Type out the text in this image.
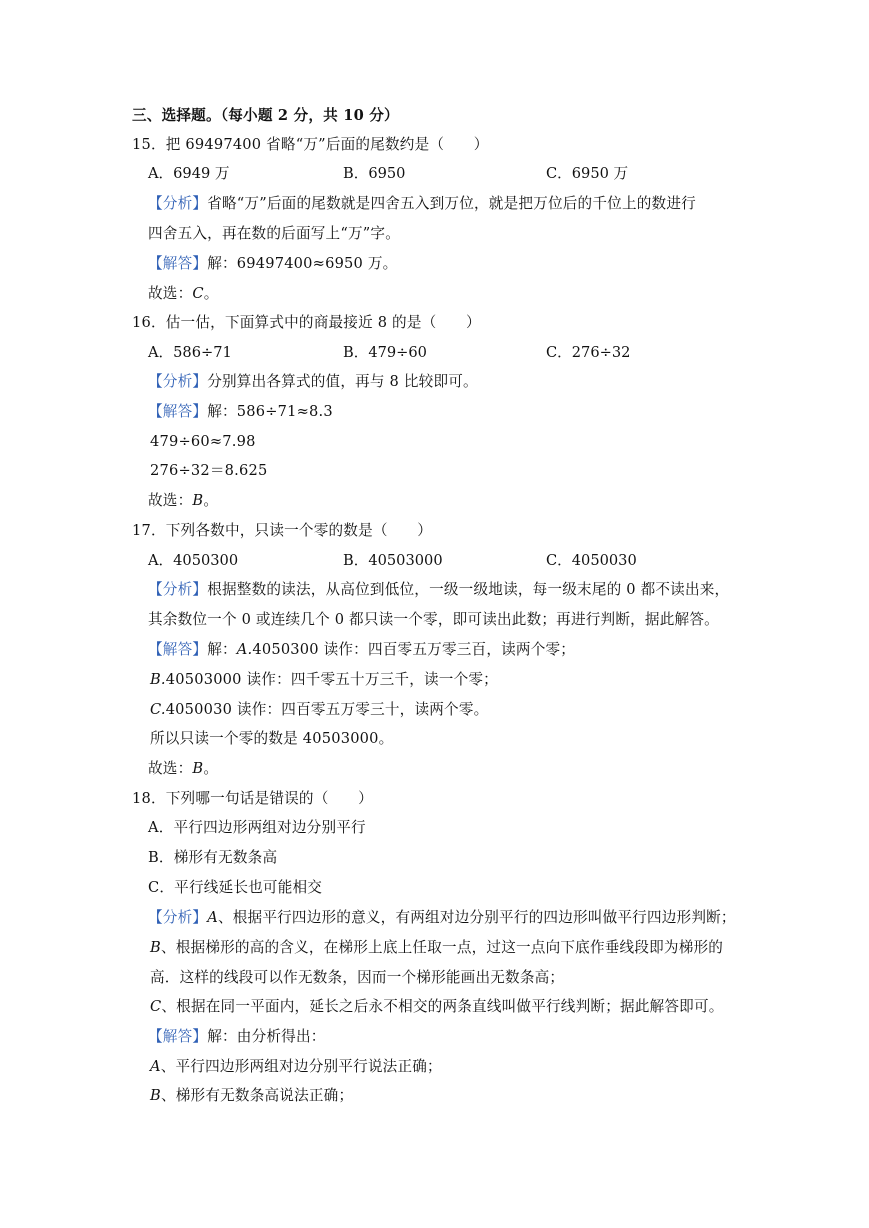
三、选择题。（每小题 2 分，共 10 分）
15．把 69497400 省略“万”后面的尾数约是（　　）
A．6949 万	B．6950	C．6950 万
【分析】省略“万”后面的尾数就是四舍五入到万位，就是把万位后的千位上的数进行
四舍五入，再在数的后面写上“万”字。
【解答】解：69497400≈6950 万。
故选：C。
16．估一估，下面算式中的商最接近 8 的是（　　）
A．586÷71	B．479÷60	C．276÷32
【分析】分别算出各算式的值，再与 8 比较即可。
【解答】解：586÷71≈8.3
479÷60≈7.98
276÷32＝8.625
故选：B。
17．下列各数中，只读一个零的数是（　　）
A．4050300	B．40503000	C．4050030
【分析】根据整数的读法，从高位到低位，一级一级地读，每一级末尾的 0 都不读出来，
其余数位一个 0 或连续几个 0 都只读一个零，即可读出此数；再进行判断，据此解答。
【解答】解：A.4050300 读作：四百零五万零三百，读两个零；
B.40503000 读作：四千零五十万三千，读一个零；
C.4050030 读作：四百零五万零三十，读两个零。
所以只读一个零的数是 40503000。
故选：B。
18．下列哪一句话是错误的（　　）
A．平行四边形两组对边分别平行
B．梯形有无数条高
C．平行线延长也可能相交
【分析】A、根据平行四边形的意义，有两组对边分别平行的四边形叫做平行四边形判断；
B、根据梯形的高的含义，在梯形上底上任取一点，过这一点向下底作垂线段即为梯形的
高．这样的线段可以作无数条，因而一个梯形能画出无数条高；
C、根据在同一平面内，延长之后永不相交的两条直线叫做平行线判断；据此解答即可。
【解答】解：由分析得出：
A、平行四边形两组对边分别平行说法正确；
B、梯形有无数条高说法正确；
